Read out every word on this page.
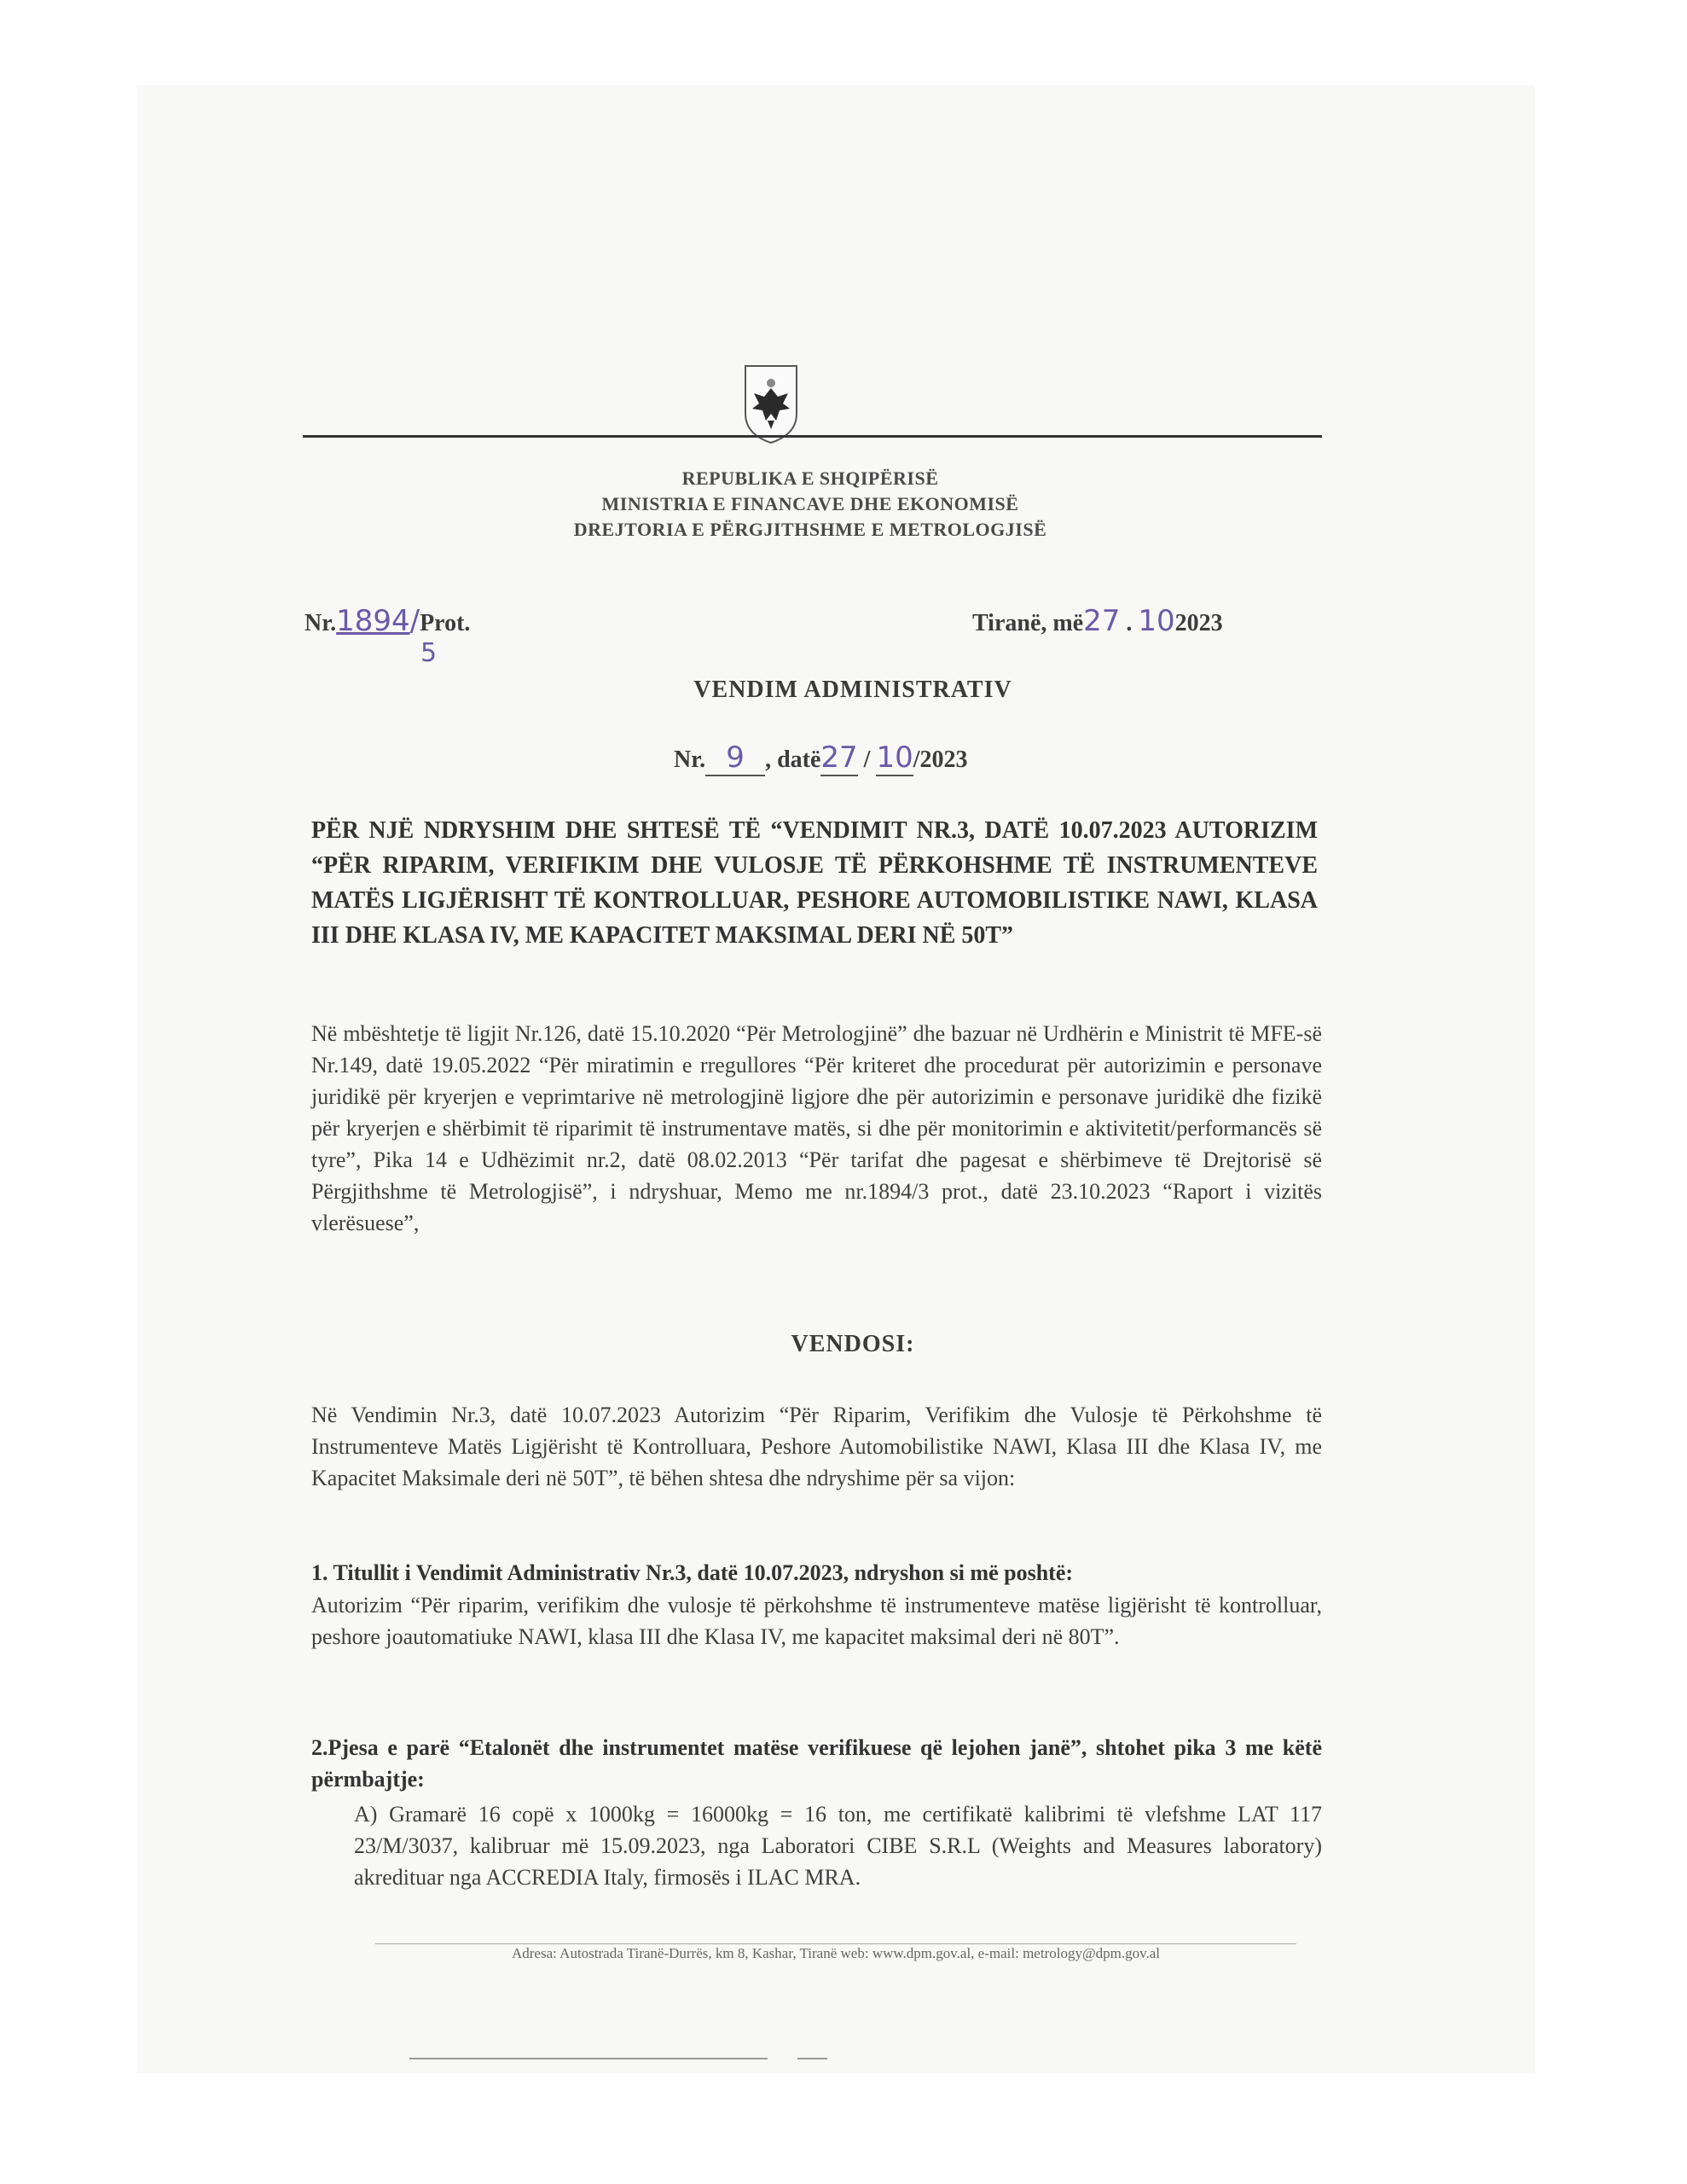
REPUBLIKA E SHQIPËRISË
MINISTRIA E FINANCAVE DHE EKONOMISË
DREJTORIA E PËRGJITHSHME E METROLOGJISË
Nr.1894/Prot.
5
Tiranë, më27 . 102023
VENDIM ADMINISTRATIV
Nr. 9 , datë27 / 10/2023
PËR NJË NDRYSHIM DHE SHTESË TË “VENDIMIT NR.3, DATË 10.07.2023 AUTORIZIM “PËR RIPARIM, VERIFIKIM DHE VULOSJE TË PËRKOHSHME TË INSTRUMENTEVE MATËS LIGJËRISHT TË KONTROLLUAR, PESHORE AUTOMOBILISTIKE NAWI, KLASA III DHE KLASA IV, ME KAPACITET MAKSIMAL DERI NË 50T”
Në mbështetje të ligjit Nr.126, datë 15.10.2020 “Për Metrologjinë” dhe bazuar në Urdhërin e Ministrit të MFE-së Nr.149, datë 19.05.2022 “Për miratimin e rregullores “Për kriteret dhe procedurat për autorizimin e personave juridikë për kryerjen e veprimtarive në metrologjinë ligjore dhe për autorizimin e personave juridikë dhe fizikë për kryerjen e shërbimit të riparimit të instrumentave matës, si dhe për monitorimin e aktivitetit/performancës së tyre”, Pika 14 e Udhëzimit nr.2, datë 08.02.2013 “Për tarifat dhe pagesat e shërbimeve të Drejtorisë së Përgjithshme të Metrologjisë”, i ndryshuar, Memo me nr.1894/3 prot., datë 23.10.2023 “Raport i vizitës vlerësuese”,
VENDOSI:
Në Vendimin Nr.3, datë 10.07.2023 Autorizim “Për Riparim, Verifikim dhe Vulosje të Përkohshme të Instrumenteve Matës Ligjërisht të Kontrolluara, Peshore Automobilistike NAWI, Klasa III dhe Klasa IV, me Kapacitet Maksimale deri në 50T”, të bëhen shtesa dhe ndryshime për sa vijon:
1. Titullit i Vendimit Administrativ Nr.3, datë 10.07.2023, ndryshon si më poshtë:
Autorizim “Për riparim, verifikim dhe vulosje të përkohshme të instrumenteve matëse ligjërisht të kontrolluar, peshore joautomatiuke NAWI, klasa III dhe Klasa IV, me kapacitet maksimal deri në 80T”.
2.Pjesa e parë “Etalonët dhe instrumentet matëse verifikuese që lejohen janë”, shtohet pika 3 me këtë përmbajtje:
A) Gramarë 16 copë x 1000kg = 16000kg = 16 ton, me certifikatë kalibrimi të vlefshme LAT 117 23/M/3037, kalibruar më 15.09.2023, nga Laboratori CIBE S.R.L (Weights and Measures laboratory) akredituar nga ACCREDIA Italy, firmosës i ILAC MRA.
Adresa: Autostrada Tiranë-Durrës, km 8, Kashar, Tiranë web: www.dpm.gov.al, e-mail: metrology@dpm.gov.al
